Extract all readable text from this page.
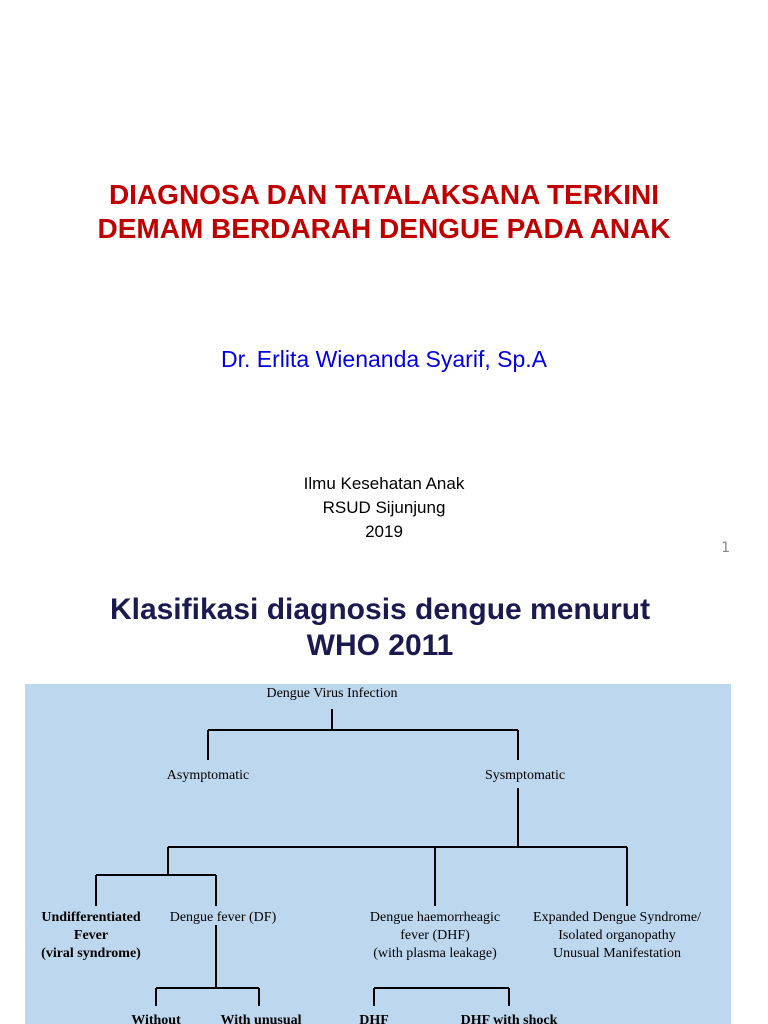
DIAGNOSA DAN TATALAKSANA TERKINI
DEMAM BERDARAH DENGUE PADA ANAK
Dr. Erlita Wienanda Syarif, Sp.A
Ilmu Kesehatan Anak
RSUD Sijunjung
2019
1
Klasifikasi diagnosis dengue menurut
WHO 2011
Dengue Virus Infection
Asymptomatic	Sysmptomatic
Undifferentiated
Fever
(viral syndrome)
Dengue fever (DF)	Dengue haemorrheagic
fever (DHF)
(with plasma leakage)
Expanded Dengue Syndrome/
Isolated organopathy
Unusual Manifestation
Without	With unusual	DHF	DHF with shock
